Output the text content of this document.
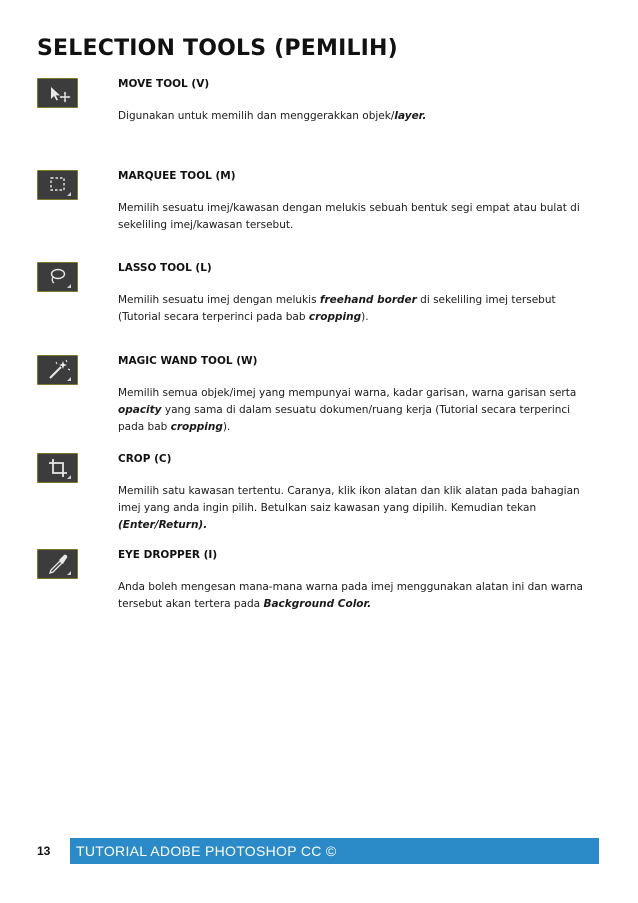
SELECTION TOOLS (PEMILIH)
MOVE TOOL (V)

Digunakan untuk memilih dan menggerakkan objek/layer.

MARQUEE TOOL (M)

Memilih sesuatu imej/kawasan dengan melukis sebuah bentuk segi empat atau bulat di sekeliling imej/kawasan tersebut.

LASSO TOOL (L)

Memilih sesuatu imej dengan melukis freehand border di sekeliling imej tersebut (Tutorial secara terperinci pada bab cropping).

MAGIC WAND TOOL (W)

Memilih semua objek/imej yang mempunyai warna, kadar garisan, warna garisan serta opacity yang sama di dalam sesuatu dokumen/ruang kerja (Tutorial secara terperinci pada bab cropping).

CROP (C)

Memilih satu kawasan tertentu. Caranya, klik ikon alatan dan klik alatan pada bahagian imej yang anda ingin pilih. Betulkan saiz kawasan yang dipilih. Kemudian tekan (Enter/Return).

EYE DROPPER (I)

Anda boleh mengesan mana-mana warna pada imej menggunakan alatan ini dan warna tersebut akan tertera pada Background Color.

13	TUTORIAL ADOBE PHOTOSHOP CC ©
